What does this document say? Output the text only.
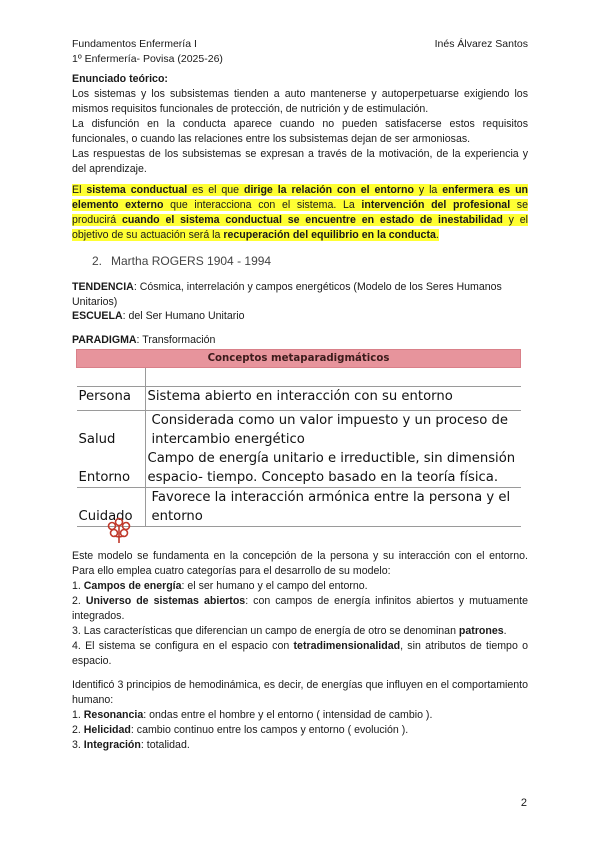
Fundamentos Enfermería I
1º Enfermería- Povisa (2025-26)
Inés Álvarez Santos
Enunciado teórico:
Los sistemas y los subsistemas tienden a auto mantenerse y autoperpetuarse exigiendo los mismos requisitos funcionales de protección, de nutrición y de estimulación.
La disfunción en la conducta aparece cuando no pueden satisfacerse estos requisitos funcionales, o cuando las relaciones entre los subsistemas dejan de ser armoniosas.
Las respuestas de los subsistemas se expresan a través de la motivación, de la experiencia y del aprendizaje.
El sistema conductual es el que dirige la relación con el entorno y la enfermera es un elemento externo que interacciona con el sistema. La intervención del profesional se producirá cuando el sistema conductual se encuentre en estado de inestabilidad y el objetivo de su actuación será la recuperación del equilibrio en la conducta.
2. Martha ROGERS 1904 - 1994
TENDENCIA: Cósmica, interrelación y campos energéticos (Modelo de los Seres Humanos Unitarios)
ESCUELA: del Ser Humano Unitario
PARADIGMA: Transformación
Conceptos metaparadigmáticos	

Persona	Sistema abierto en interacción con su entorno
Salud	Considerada como un valor impuesto y un proceso de intercambio energético
Entorno	Campo de energía unitario e irreductible, sin dimensión espacio- tiempo. Concepto basado en la teoría física.
Cuidado	Favorece la interacción armónica entre la persona y el entorno
Este modelo se fundamenta en la concepción de la persona y su interacción con el entorno. Para ello emplea cuatro categorías para el desarrollo de su modelo:
1. Campos de energía: el ser humano y el campo del entorno.
2. Universo de sistemas abiertos: con campos de energía infinitos abiertos y mutuamente integrados.
3. Las características que diferencian un campo de energía de otro se denominan patrones.
4. El sistema se configura en el espacio con tetradimensionalidad, sin atributos de tiempo o espacio.
Identificó 3 principios de hemodinámica, es decir, de energías que influyen en el comportamiento humano:
1. Resonancia: ondas entre el hombre y el entorno ( intensidad de cambio ).
2. Helicidad: cambio continuo entre los campos y entorno ( evolución ).
3. Integración: totalidad.
2
